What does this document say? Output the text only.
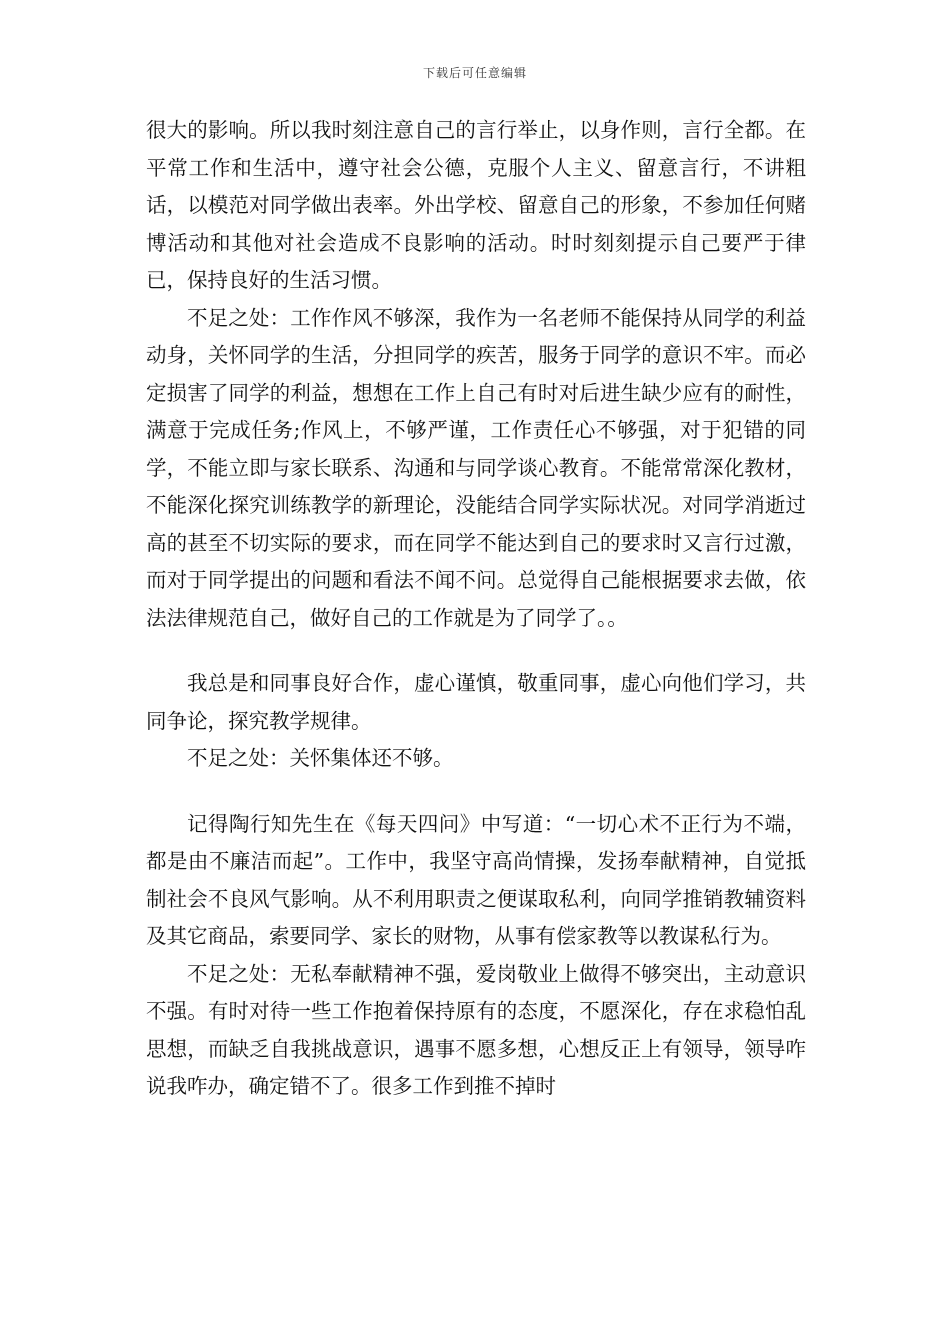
下载后可任意编辑

很大的影响。所以我时刻注意自己的言行举止，以身作则，言行全都。在平常工作和生活中，遵守社会公德，克服个人主义、留意言行，不讲粗话，以模范对同学做出表率。外出学校、留意自己的形象，不参加任何赌博活动和其他对社会造成不良影响的活动。时时刻刻提示自己要严于律已，保持良好的生活习惯。

不足之处：工作作风不够深，我作为一名老师不能保持从同学的利益动身，关怀同学的生活，分担同学的疾苦，服务于同学的意识不牢。而必定损害了同学的利益，想想在工作上自己有时对后进生缺少应有的耐性，满意于完成任务;作风上，不够严谨，工作责任心不够强，对于犯错的同学，不能立即与家长联系、沟通和与同学谈心教育。不能常常深化教材，不能深化探究训练教学的新理论，没能结合同学实际状况。对同学消逝过高的甚至不切实际的要求，而在同学不能达到自己的要求时又言行过激，而对于同学提出的问题和看法不闻不问。总觉得自己能根据要求去做，依法法律规范自己，做好自己的工作就是为了同学了。。

我总是和同事良好合作，虚心谨慎，敬重同事，虚心向他们学习，共同争论，探究教学规律。

不足之处：关怀集体还不够。

记得陶行知先生在《每天四问》中写道：“一切心术不正行为不端，都是由不廉洁而起”。工作中，我坚守高尚情操，发扬奉献精神，自觉抵制社会不良风气影响。从不利用职责之便谋取私利，向同学推销教辅资料及其它商品，索要同学、家长的财物，从事有偿家教等以教谋私行为。

不足之处：无私奉献精神不强，爱岗敬业上做得不够突出，主动意识不强。有时对待一些工作抱着保持原有的态度，不愿深化，存在求稳怕乱思想，而缺乏自我挑战意识，遇事不愿多想，心想反正上有领导，领导咋说我咋办，确定错不了。很多工作到推不掉时
